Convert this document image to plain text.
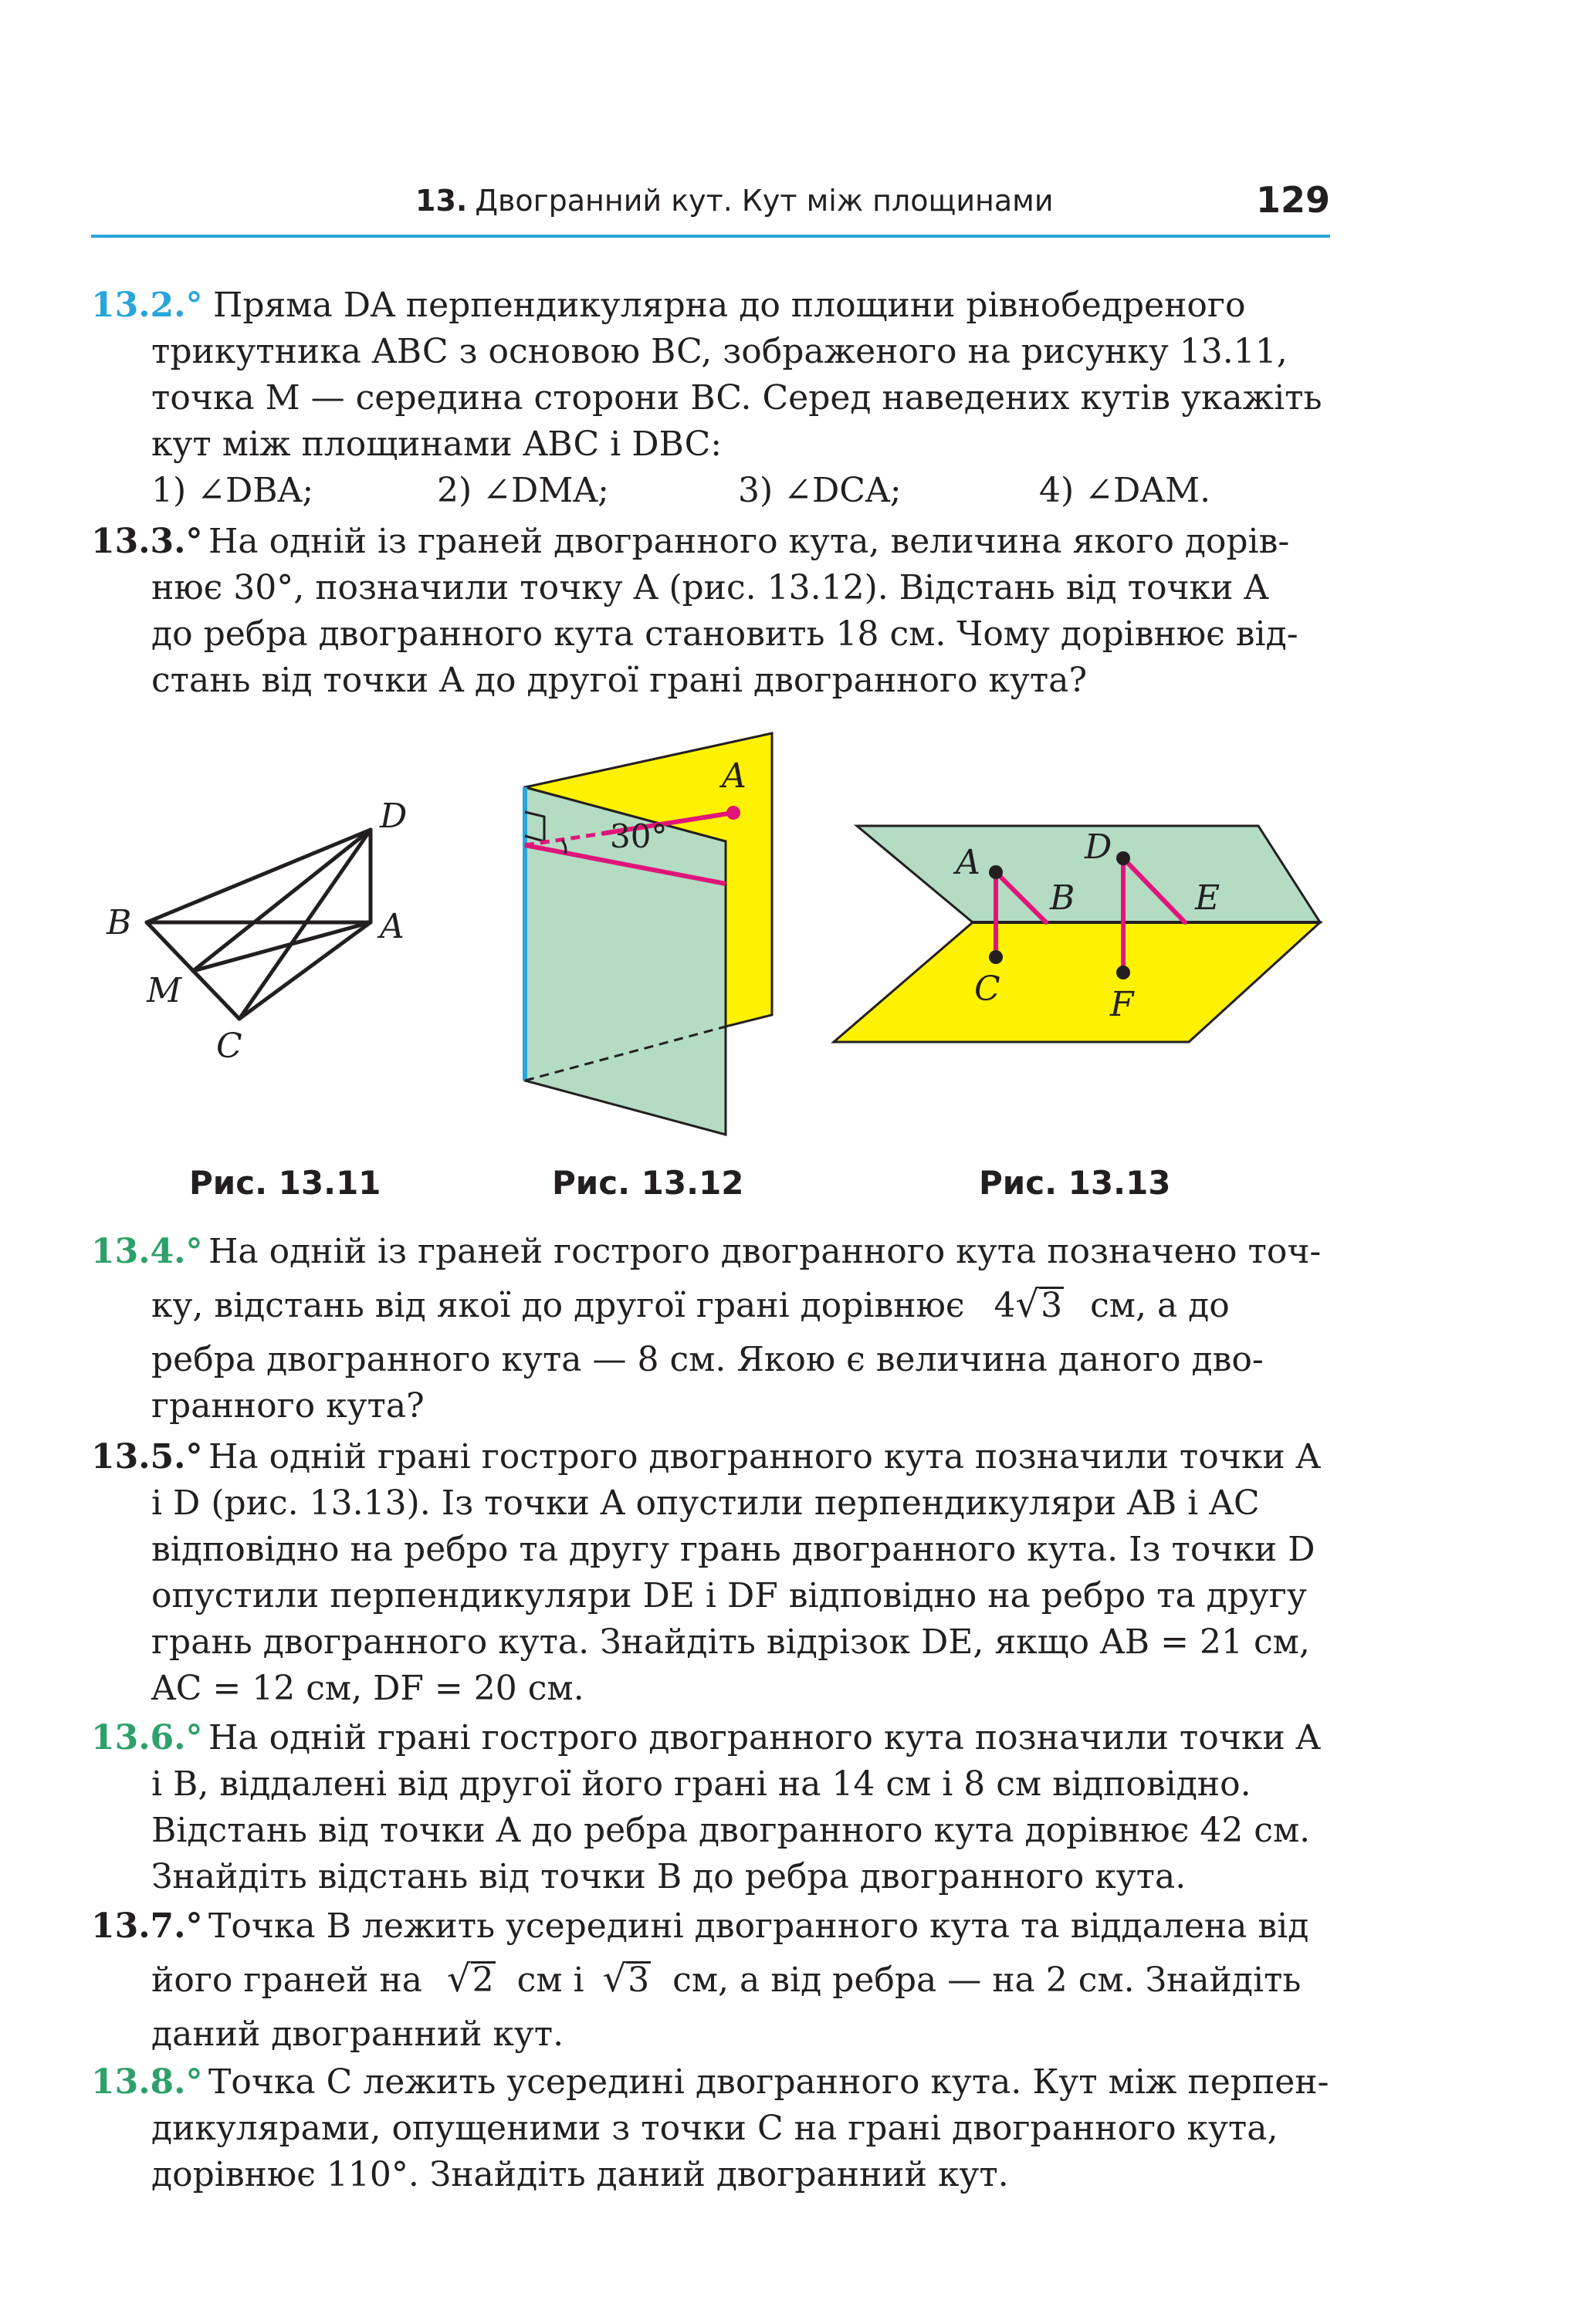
13. Двогранний кут. Кут між площинами	129
13.2.° Пряма DA перпендикулярна до площини рівнобедреного
трикутника ABC з основою BC, зображеного на рисунку 13.11,
точка M — середина сторони BC. Серед наведених кутів укажіть
кут між площинами ABC і DBC:
1) ∠DBA;	2) ∠DMA;	3) ∠DCA;	4) ∠DAM.
13.3.° На одній із граней двогранного кута, величина якого дорів-
нює 30°, позначили точку A (рис. 13.12). Відстань від точки A
до ребра двогранного кута становить 18 см. Чому дорівнює від-
стань від точки A до другої грані двогранного кута?
D
B	A
M
C
Рис. 13.11
30°
A
Рис. 13.12
A
B
D
E
C	F
Рис. 13.13
13.4.° На одній із граней гострого двогранного кута позначено точ-
ку, відстань від якої до другої грані дорівнює 4√3 см, а до
ребра двогранного кута — 8 см. Якою є величина даного дво-
гранного кута?
13.5.° На одній грані гострого двогранного кута позначили точки A
і D (рис. 13.13). Із точки A опустили перпендикуляри AB і AC
відповідно на ребро та другу грань двогранного кута. Із точки D
опустили перпендикуляри DE і DF відповідно на ребро та другу
грань двогранного кута. Знайдіть відрізок DE, якщо AB = 21 см,
AC = 12 см, DF = 20 см.
13.6.° На одній грані гострого двогранного кута позначили точки A
і B, віддалені від другої його грані на 14 см і 8 см відповідно.
Відстань від точки A до ребра двогранного кута дорівнює 42 см.
Знайдіть відстань від точки B до ребра двогранного кута.
13.7.° Точка B лежить усередині двогранного кута та віддалена від
його граней на √2 см і √3 см, а від ребра — на 2 см. Знайдіть
даний двогранний кут.
13.8.° Точка C лежить усередині двогранного кута. Кут між перпен-
дикулярами, опущеними з точки C на грані двогранного кута,
дорівнює 110°. Знайдіть даний двогранний кут.
